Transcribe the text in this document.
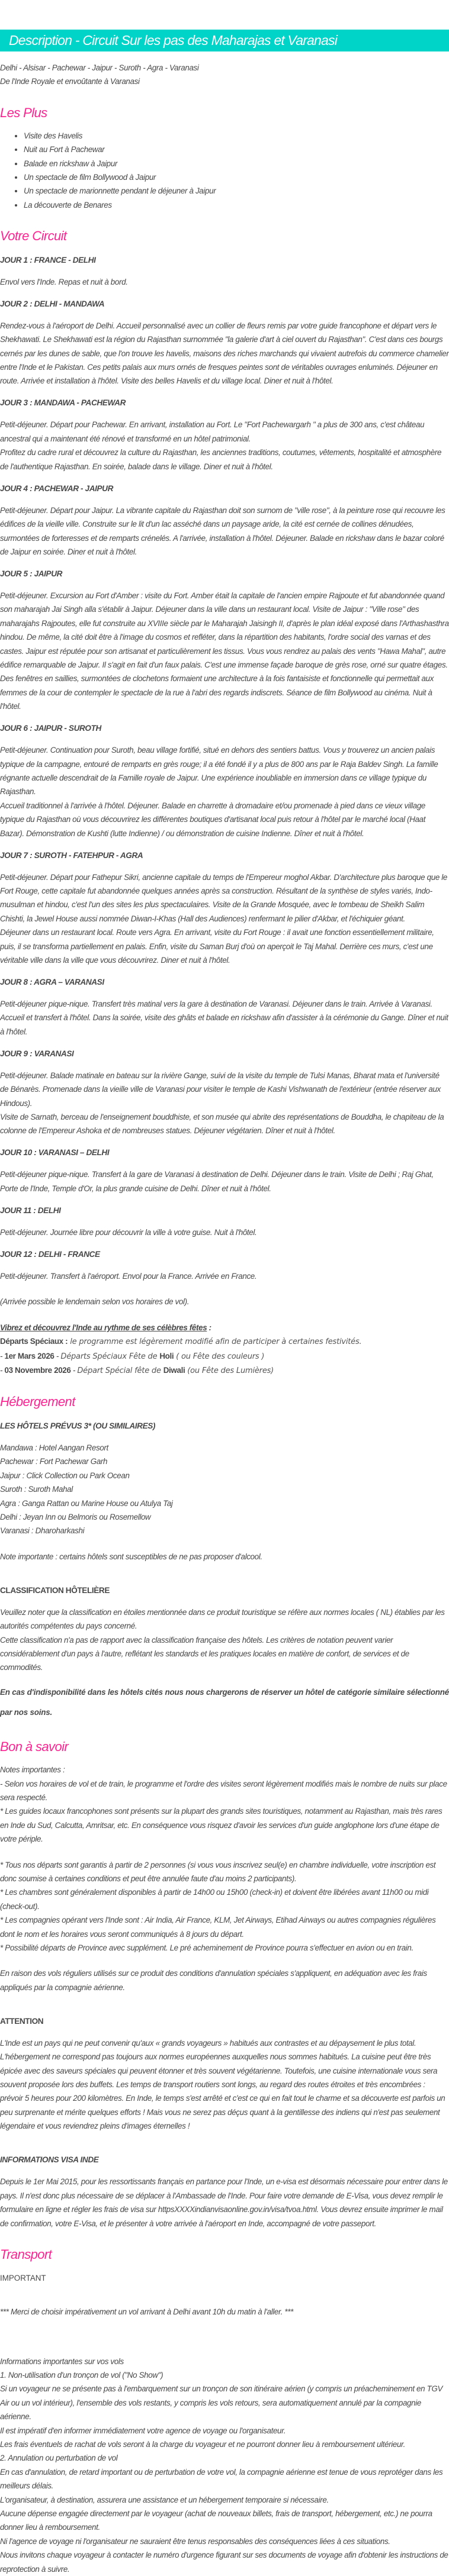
Description - Circuit Sur les pas des Maharajas et Varanasi

Delhi - Alsisar - Pachewar - Jaipur - Suroth - Agra - Varanasi

De l'Inde Royale et envoûtante à Varanasi

Les Plus
• Visite des Havelis
• Nuit au Fort à Pachewar
• Balade en rickshaw à Jaipur
• Un spectacle de film Bollywood à Jaipur
• Un spectacle de marionnette pendant le déjeuner à Jaipur
• La découverte de Benares
Votre Circuit

JOUR 1 : FRANCE - DELHI

Envol vers l'Inde. Repas et nuit à bord.

JOUR 2 : DELHI - MANDAWA

Rendez-vous à l'aéroport de Delhi. Accueil personnalisé avec un collier de fleurs remis par votre guide francophone et départ vers le Shekhawati. Le Shekhawati est la région du Rajasthan surnommée "la galerie d'art à ciel ouvert du Rajasthan". C'est dans ces bourgs cernés par les dunes de sable, que l'on trouve les havelis, maisons des riches marchands qui vivaient autrefois du commerce chamelier entre l'Inde et le Pakistan. Ces petits palais aux murs ornés de fresques peintes sont de véritables ouvrages enluminés. Déjeuner en route. Arrivée et installation à l'hôtel. Visite des belles Havelis et du village local. Diner et nuit à l'hôtel.

JOUR 3 : MANDAWA - PACHEWAR

Petit-déjeuner. Départ pour Pachewar. En arrivant, installation au Fort. Le "Fort Pachewargarh " a plus de 300 ans, c'est château ancestral qui a maintenant été rénové et transformé en un hôtel patrimonial.

Profitez du cadre rural et découvrez la culture du Rajasthan, les anciennes traditions, coutumes, vêtements, hospitalité et atmosphère de l'authentique Rajasthan. En soirée, balade dans le village. Diner et nuit à l'hôtel.

JOUR 4 : PACHEWAR - JAIPUR

Petit-déjeuner. Départ pour Jaipur. La vibrante capitale du Rajasthan doit son surnom de "ville rose", à la peinture rose qui recouvre les édifices de la vieille ville. Construite sur le lit d'un lac asséché dans un paysage aride, la cité est cernée de collines dénudées, surmontées de forteresses et de remparts crénelés. A l'arrivée, installation à l'hôtel. Déjeuner. Balade en rickshaw dans le bazar coloré de Jaipur en soirée. Diner et nuit à l'hôtel.

JOUR 5 : JAIPUR

Petit-déjeuner. Excursion au Fort d'Amber : visite du Fort. Amber était la capitale de l'ancien empire Rajpoute et fut abandonnée quand son maharajah Jai Singh alla s'établir à Jaipur. Déjeuner dans la ville dans un restaurant local. Visite de Jaipur : "Ville rose" des maharajahs Rajpoutes, elle fut construite au XVIIIe siècle par le Maharajah Jaisingh II, d'après le plan idéal exposé dans l'Arthashasthra hindou. De même, la cité doit être à l'image du cosmos et refléter, dans la répartition des habitants, l'ordre social des varnas et des castes. Jaipur est réputée pour son artisanat et particulièrement les tissus. Vous vous rendrez au palais des vents "Hawa Mahal", autre édifice remarquable de Jaipur. Il s'agit en fait d'un faux palais. C'est une immense façade baroque de grès rose, orné sur quatre étages. Des fenêtres en saillies, surmontées de clochetons formaient une architecture à la fois fantaisiste et fonctionnelle qui permettait aux femmes de la cour de contempler le spectacle de la rue à l'abri des regards indiscrets. Séance de film Bollywood au cinéma. Nuit à l'hôtel.

JOUR 6 : JAIPUR - SUROTH

Petit-déjeuner. Continuation pour Suroth, beau village fortifié, situé en dehors des sentiers battus. Vous y trouverez un ancien palais typique de la campagne, entouré de remparts en grès rouge; il a été fondé il y a plus de 800 ans par le Raja Baldev Singh. La famille régnante actuelle descendrait de la Famille royale de Jaipur. Une expérience inoubliable en immersion dans ce village typique du Rajasthan.

Accueil traditionnel à l'arrivée à l'hôtel. Déjeuner. Balade en charrette à dromadaire et/ou promenade à pied dans ce vieux village typique du Rajasthan où vous découvrirez les différentes boutiques d'artisanat local puis retour à l'hôtel par le marché local (Haat Bazar). Démonstration de Kushti (lutte Indienne) / ou démonstration de cuisine Indienne. Dîner et nuit à l'hôtel.

JOUR 7 : SUROTH - FATEHPUR - AGRA

Petit-déjeuner. Départ pour Fathepur Sikri, ancienne capitale du temps de l'Empereur moghol Akbar. D'architecture plus baroque que le Fort Rouge, cette capitale fut abandonnée quelques années après sa construction. Résultant de la synthèse de styles variés, Indo-musulman et hindou, c'est l'un des sites les plus spectaculaires. Visite de la Grande Mosquée, avec le tombeau de Sheikh Salim Chishti, la Jewel House aussi nommée Diwan-I-Khas (Hall des Audiences) renfermant le pilier d'Akbar, et l'échiquier géant.

Déjeuner dans un restaurant local. Route vers Agra. En arrivant, visite du Fort Rouge : il avait une fonction essentiellement militaire, puis, il se transforma partiellement en palais. Enfin, visite du Saman Burj d'où on aperçoit le Taj Mahal. Derrière ces murs, c'est une véritable ville dans la ville que vous découvrirez. Diner et nuit à l'hôtel.

JOUR 8 : AGRA – VARANASI

Petit-déjeuner pique-nique. Transfert très matinal vers la gare à destination de Varanasi. Déjeuner dans le train. Arrivée à Varanasi. Accueil et transfert à l'hôtel. Dans la soirée, visite des ghâts et balade en rickshaw afin d'assister à la cérémonie du Gange. Dîner et nuit à l'hôtel.

JOUR 9 : VARANASI

Petit-déjeuner. Balade matinale en bateau sur la rivière Gange, suivi de la visite du temple de Tulsi Manas, Bharat mata et l'université de Bénarès. Promenade dans la vieille ville de Varanasi pour visiter le temple de Kashi Vishwanath de l'extérieur (entrée réserver aux Hindous).

Visite de Sarnath, berceau de l'enseignement bouddhiste, et son musée qui abrite des représentations de Bouddha, le chapiteau de la colonne de l'Empereur Ashoka et de nombreuses statues. Déjeuner végétarien. Dîner et nuit à l'hôtel.

JOUR 10 : VARANASI – DELHI

Petit-déjeuner pique-nique. Transfert à la gare de Varanasi à destination de Delhi. Déjeuner dans le train. Visite de Delhi ; Raj Ghat, Porte de l'Inde, Temple d'Or, la plus grande cuisine de Delhi. Dîner et nuit à l'hôtel.

JOUR 11 : DELHI

Petit-déjeuner. Journée libre pour découvrir la ville à votre guise. Nuit à l'hôtel.

JOUR 12 : DELHI - FRANCE

Petit-déjeuner. Transfert à l'aéroport. Envol pour la France. Arrivée en France.

(Arrivée possible le lendemain selon vos horaires de vol).

Vibrez et découvrez l'Inde au rythme de ses célèbres fêtes :

Départs Spéciaux : le programme est légèrement modifié afin de participer à certaines festivités.

- 1er Mars 2026 - Départs Spéciaux Fête de Holi ( ou Fête des couleurs )

- 03 Novembre 2026 - Départ Spécial fête de Diwali (ou Fête des Lumières)

Hébergement

LES HÔTELS PRÉVUS 3* (OU SIMILAIRES)

Mandawa : Hotel Aangan Resort

Pachewar : Fort Pachewar Garh

Jaipur : Click Collection ou Park Ocean

Suroth : Suroth Mahal

Agra : Ganga Rattan ou Marine House ou Atulya Taj

Delhi : Jeyan Inn ou Belmoris ou Rosemellow

Varanasi : Dharoharkashi

Note importante : certains hôtels sont susceptibles de ne pas proposer d'alcool.

CLASSIFICATION HÔTELIÈRE

Veuillez noter que la classification en étoiles mentionnée dans ce produit touristique se réfère aux normes locales ( NL) établies par les autorités compétentes du pays concerné.

Cette classification n'a pas de rapport avec la classification française des hôtels. Les critères de notation peuvent varier considérablement d'un pays à l'autre, reflétant les standards et les pratiques locales en matière de confort, de services et de commodités.

En cas d'indisponibilité dans les hôtels cités nous nous chargerons de réserver un hôtel de catégorie similaire sélectionné par nos soins.

Bon à savoir

Notes importantes :

- Selon vos horaires de vol et de train, le programme et l'ordre des visites seront légèrement modifiés mais le nombre de nuits sur place sera respecté.

* Les guides locaux francophones sont présents sur la plupart des grands sites touristiques, notamment au Rajasthan, mais très rares en Inde du Sud, Calcutta, Amritsar, etc. En conséquence vous risquez d'avoir les services d'un guide anglophone lors d'une étape de votre périple.

* Tous nos départs sont garantis à partir de 2 personnes (si vous vous inscrivez seul(e) en chambre individuelle, votre inscription est donc soumise à certaines conditions et peut être annulée faute d'au moins 2 participants).

* Les chambres sont généralement disponibles à partir de 14h00 ou 15h00 (check-in) et doivent être libérées avant 11h00 ou midi (check-out).

* Les compagnies opérant vers l'Inde sont : Air India, Air France, KLM, Jet Airways, Etihad Airways ou autres compagnies régulières dont le nom et les horaires vous seront communiqués à 8 jours du départ.

* Possibilité départs de Province avec supplément. Le pré acheminement de Province pourra s'effectuer en avion ou en train.

En raison des vols réguliers utilisés sur ce produit des conditions d'annulation spéciales s'appliquent, en adéquation avec les frais appliqués par la compagnie aérienne.

ATTENTION

L'Inde est un pays qui ne peut convenir qu'aux « grands voyageurs » habitués aux contrastes et au dépaysement le plus total. L'hébergement ne correspond pas toujours aux normes européennes auxquelles nous sommes habitués. La cuisine peut être très épicée avec des saveurs spéciales qui peuvent étonner et très souvent végétarienne. Toutefois, une cuisine internationale vous sera souvent proposée lors des buffets. Les temps de transport routiers sont longs, au regard des routes étroites et très encombrées : prévoir 5 heures pour 200 kilomètres. En Inde, le temps s'est arrêté et c'est ce qui en fait tout le charme et sa découverte est parfois un peu surprenante et mérite quelques efforts ! Mais vous ne serez pas déçus quant à la gentillesse des indiens qui n'est pas seulement légendaire et vous reviendrez pleins d'images éternelles !

INFORMATIONS VISA INDE

Depuis le 1er Mai 2015, pour les ressortissants français en partance pour l'Inde, un e-visa est désormais nécessaire pour entrer dans le pays. Il n'est donc plus nécessaire de se déplacer à l'Ambassade de l'Inde. Pour faire votre demande de E-Visa, vous devez remplir le formulaire en ligne et régler les frais de visa sur httpsXXXXindianvisaonline.gov.in/visa/tvoa.html. Vous devrez ensuite imprimer le mail de confirmation, votre E-Visa, et le présenter à votre arrivée à l'aéroport en Inde, accompagné de votre passeport.

Transport

IMPORTANT

*** Merci de choisir impérativement un vol arrivant à Delhi avant 10h du matin à l'aller. ***

Informations importantes sur vos vols

1. Non-utilisation d'un tronçon de vol ("No Show")

Si un voyageur ne se présente pas à l'embarquement sur un tronçon de son itinéraire aérien (y compris un préacheminement en TGV Air ou un vol intérieur), l'ensemble des vols restants, y compris les vols retours, sera automatiquement annulé par la compagnie aérienne.

Il est impératif d'en informer immédiatement votre agence de voyage ou l'organisateur.

Les frais éventuels de rachat de vols seront à la charge du voyageur et ne pourront donner lieu à remboursement ultérieur.

2. Annulation ou perturbation de vol

En cas d'annulation, de retard important ou de perturbation de votre vol, la compagnie aérienne est tenue de vous reprotéger dans les meilleurs délais.

L'organisateur, à destination, assurera une assistance et un hébergement temporaire si nécessaire.

Aucune dépense engagée directement par le voyageur (achat de nouveaux billets, frais de transport, hébergement, etc.) ne pourra donner lieu à remboursement.

Ni l'agence de voyage ni l'organisateur ne sauraient être tenus responsables des conséquences liées à ces situations.

Nous invitons chaque voyageur à contacter le numéro d'urgence figurant sur ses documents de voyage afin d'obtenir les instructions de reprotection à suivre.
